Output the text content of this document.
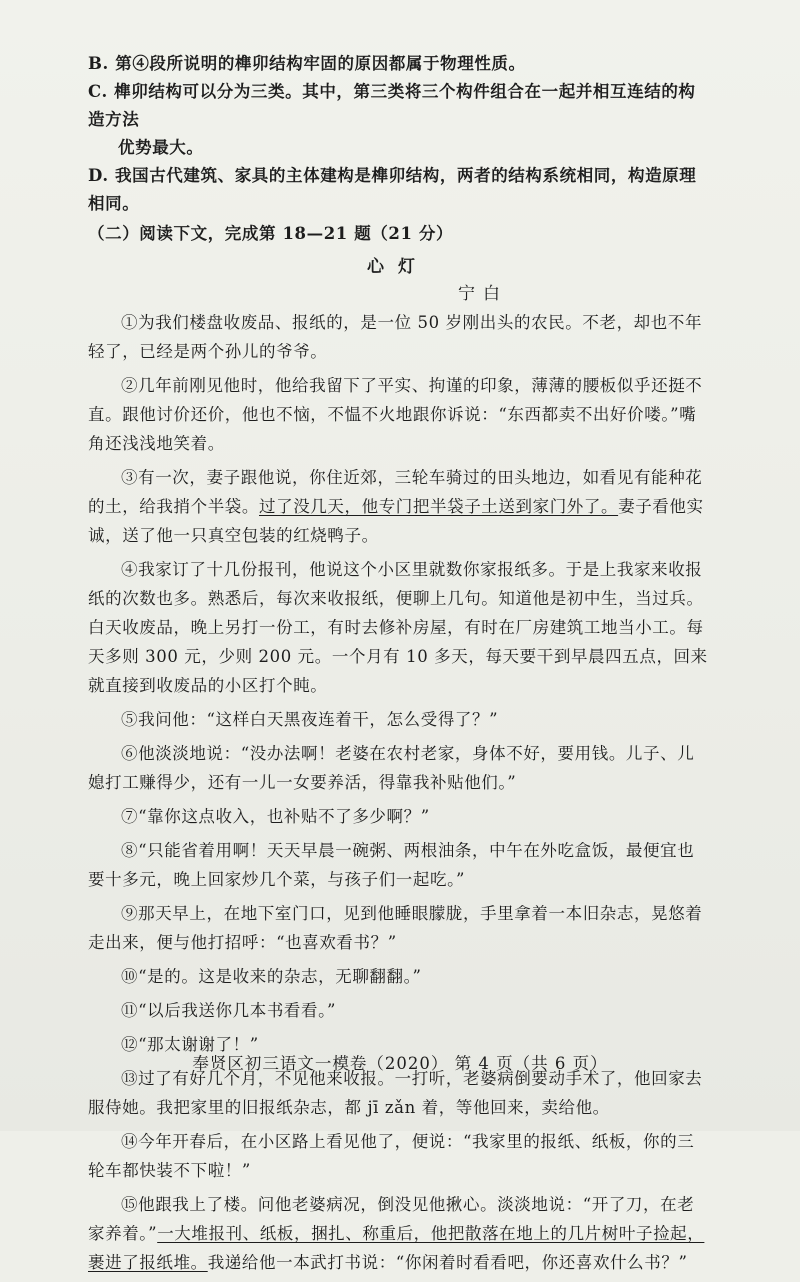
B. 第④段所说明的榫卯结构牢固的原因都属于物理性质。

C. 榫卯结构可以分为三类。其中，第三类将三个构件组合在一起并相互连结的构造方法

优势最大。

D. 我国古代建筑、家具的主体建构是榫卯结构，两者的结构系统相同，构造原理相同。

（二）阅读下文，完成第 18—21 题（21 分）

心灯

宁白

①为我们楼盘收废品、报纸的，是一位 50 岁刚出头的农民。不老，却也不年轻了，已经是两个孙儿的爷爷。

②几年前刚见他时，他给我留下了平实、拘谨的印象，薄薄的腰板似乎还挺不直。跟他讨价还价，他也不恼，不愠不火地跟你诉说：“东西都卖不出好价喽。”嘴角还浅浅地笑着。

③有一次，妻子跟他说，你住近郊，三轮车骑过的田头地边，如看见有能种花的土，给我捎个半袋。过了没几天，他专门把半袋子土送到家门外了。妻子看他实诚，送了他一只真空包装的红烧鸭子。

④我家订了十几份报刊，他说这个小区里就数你家报纸多。于是上我家来收报纸的次数也多。熟悉后，每次来收报纸，便聊上几句。知道他是初中生，当过兵。白天收废品，晚上另打一份工，有时去修补房屋，有时在厂房建筑工地当小工。每天多则 300 元，少则 200 元。一个月有 10 多天，每天要干到早晨四五点，回来就直接到收废品的小区打个盹。

⑤我问他：“这样白天黑夜连着干，怎么受得了？”

⑥他淡淡地说：“没办法啊！老婆在农村老家，身体不好，要用钱。儿子、儿媳打工赚得少，还有一儿一女要养活，得靠我补贴他们。”

⑦“靠你这点收入，也补贴不了多少啊？”

⑧“只能省着用啊！天天早晨一碗粥、两根油条，中午在外吃盒饭，最便宜也要十多元，晚上回家炒几个菜，与孩子们一起吃。”

⑨那天早上，在地下室门口，见到他睡眼朦胧，手里拿着一本旧杂志，晃悠着走出来，便与他打招呼：“也喜欢看书？”

⑩“是的。这是收来的杂志，无聊翻翻。”

⑪“以后我送你几本书看看。”

⑫“那太谢谢了！”

⑬过了有好几个月，不见他来收报。一打听，老婆病倒要动手术了，他回家去服侍她。我把家里的旧报纸杂志，都 jī zǎn 着，等他回来，卖给他。

⑭今年开春后，在小区路上看见他了，便说：“我家里的报纸、纸板，你的三轮车都快装不下啦！”

⑮他跟我上了楼。问他老婆病况，倒没见他揪心。淡淡地说：“开了刀，在老家养着。”一大堆报刊、纸板，捆扎、称重后，他把散落在地上的几片树叶子捡起，裹进了报纸堆。我递给他一本武打书说：“你闲着时看看吧，你还喜欢什么书？”

奉贤区初三语文一模卷（2020） 第 4 页（共 6 页）
